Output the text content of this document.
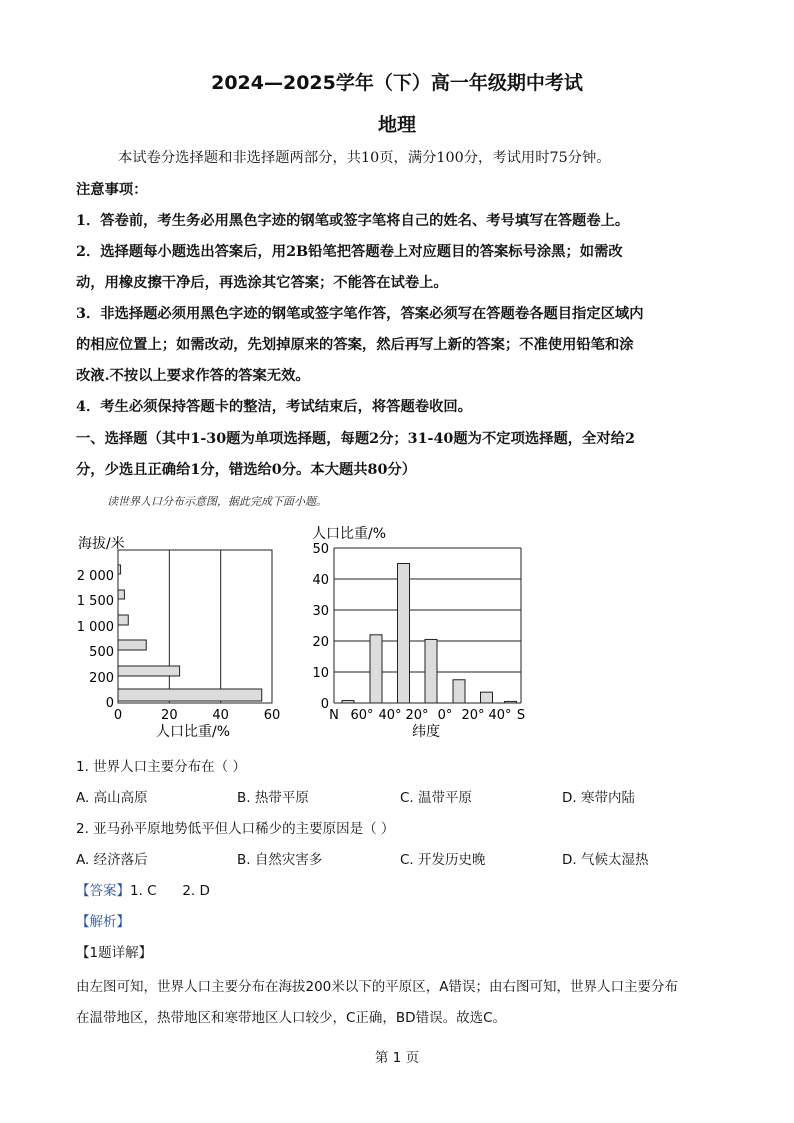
2024—2025学年（下）高一年级期中考试
地理
本试卷分选择题和非选择题两部分，共10页，满分100分，考试用时75分钟。
注意事项：
1．答卷前，考生务必用黑色字迹的钢笔或签字笔将自己的姓名、考号填写在答题卷上。
2．选择题每小题选出答案后，用2B铅笔把答题卷上对应题目的答案标号涂黑；如需改
动，用橡皮擦干净后，再选涂其它答案；不能答在试卷上。
3．非选择题必须用黑色字迹的钢笔或签字笔作答，答案必须写在答题卷各题目指定区域内
的相应位置上；如需改动，先划掉原来的答案，然后再写上新的答案；不准使用铅笔和涂
改液.不按以上要求作答的答案无效。
4．考生必须保持答题卡的整洁，考试结束后，将答题卷收回。
一、选择题（其中1-30题为单项选择题，每题2分；31-40题为不定项选择题，全对给2
分，少选且正确给1分，错选给0分。本大题共80分）
读世界人口分布示意图，据此完成下面小题。
0
200
500
1 000
1 500
2 000
0	20	40	60
海拔/米
人口比重/%
0
10
20
30
40
50
N 60° 40° 20° 0° 20° 40° S
人口比重/%
纬度
1. 世界人口主要分布在（ ）
A. 高山高原	B. 热带平原	C. 温带平原	D. 寒带内陆
2. 亚马孙平原地势低平但人口稀少的主要原因是（ ）
A. 经济落后	B. 自然灾害多	C. 开发历史晚	D. 气候太湿热
【答案】1. C      2. D
【解析】
【1题详解】
由左图可知，世界人口主要分布在海拔200米以下的平原区，A错误；由右图可知，世界人口主要分布
在温带地区，热带地区和寒带地区人口较少，C正确，BD错误。故选C。
第 1 页
